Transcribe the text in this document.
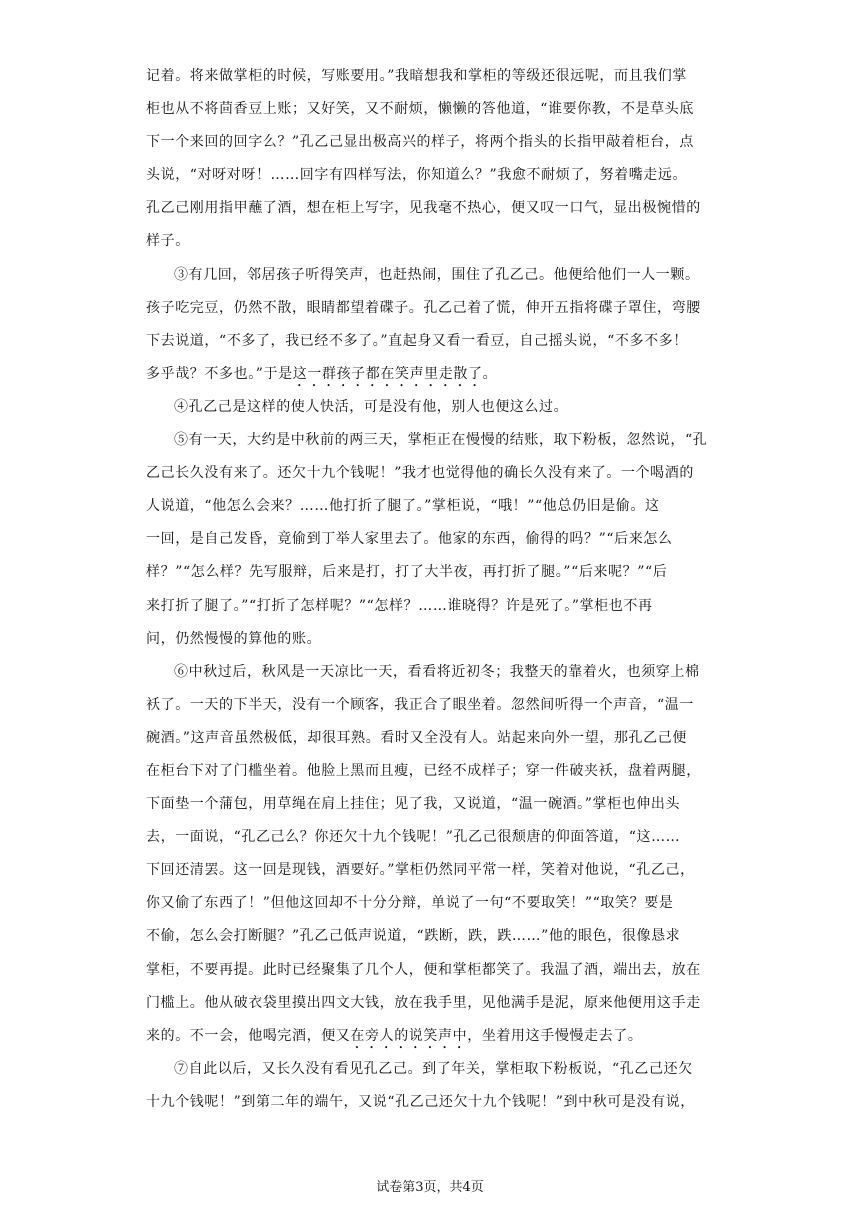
记着。将来做掌柜的时候，写账要用。”我暗想我和掌柜的等级还很远呢，而且我们掌
柜也从不将茴香豆上账；又好笑，又不耐烦，懒懒的答他道，“谁要你教，不是草头底
下一个来回的回字么？”孔乙己显出极高兴的样子，将两个指头的长指甲敲着柜台，点
头说，“对呀对呀！……回字有四样写法，你知道么？”我愈不耐烦了，努着嘴走远。
孔乙己刚用指甲蘸了酒，想在柜上写字，见我毫不热心，便又叹一口气，显出极惋惜的
样子。
③有几回，邻居孩子听得笑声，也赶热闹，围住了孔乙己。他便给他们一人一颗。
孩子吃完豆，仍然不散，眼睛都望着碟子。孔乙己着了慌，伸开五指将碟子罩住，弯腰
下去说道，“不多了，我已经不多了。”直起身又看一看豆，自己摇头说，“不多不多！
多乎哉？不多也。”于是这一群孩子都在笑声里走散了。
④孔乙己是这样的使人快活，可是没有他，别人也便这么过。
⑤有一天，大约是中秋前的两三天，掌柜正在慢慢的结账，取下粉板，忽然说，“孔
乙己长久没有来了。还欠十九个钱呢！”我才也觉得他的确长久没有来了。一个喝酒的
人说道，“他怎么会来？……他打折了腿了。”掌柜说，“哦！”“他总仍旧是偷。这
一回，是自己发昏，竟偷到丁举人家里去了。他家的东西，偷得的吗？”“后来怎么
样？”“怎么样？先写服辩，后来是打，打了大半夜，再打折了腿。”“后来呢？”“后
来打折了腿了。”“打折了怎样呢？”“怎样？……谁晓得？许是死了。”掌柜也不再
问，仍然慢慢的算他的账。
⑥中秋过后，秋风是一天凉比一天，看看将近初冬；我整天的靠着火，也须穿上棉
袄了。一天的下半天，没有一个顾客，我正合了眼坐着。忽然间听得一个声音，“温一
碗酒。”这声音虽然极低，却很耳熟。看时又全没有人。站起来向外一望，那孔乙己便
在柜台下对了门槛坐着。他脸上黑而且瘦，已经不成样子；穿一件破夹袄，盘着两腿，
下面垫一个蒲包，用草绳在肩上挂住；见了我，又说道，“温一碗酒。”掌柜也伸出头
去，一面说，“孔乙己么？你还欠十九个钱呢！”孔乙己很颓唐的仰面答道，“这……
下回还清罢。这一回是现钱，酒要好。”掌柜仍然同平常一样，笑着对他说，“孔乙己，
你又偷了东西了！”但他这回却不十分分辩，单说了一句“不要取笑！”“取笑？要是
不偷，怎么会打断腿？”孔乙己低声说道，“跌断，跌，跌……”他的眼色，很像恳求
掌柜，不要再提。此时已经聚集了几个人，便和掌柜都笑了。我温了酒，端出去，放在
门槛上。他从破衣袋里摸出四文大钱，放在我手里，见他满手是泥，原来他便用这手走
来的。不一会，他喝完酒，便又在旁人的说笑声中，坐着用这手慢慢走去了。
⑦自此以后，又长久没有看见孔乙己。到了年关，掌柜取下粉板说，“孔乙己还欠
十九个钱呢！”到第二年的端午，又说“孔乙己还欠十九个钱呢！”到中秋可是没有说，
试卷第3页，共4页
